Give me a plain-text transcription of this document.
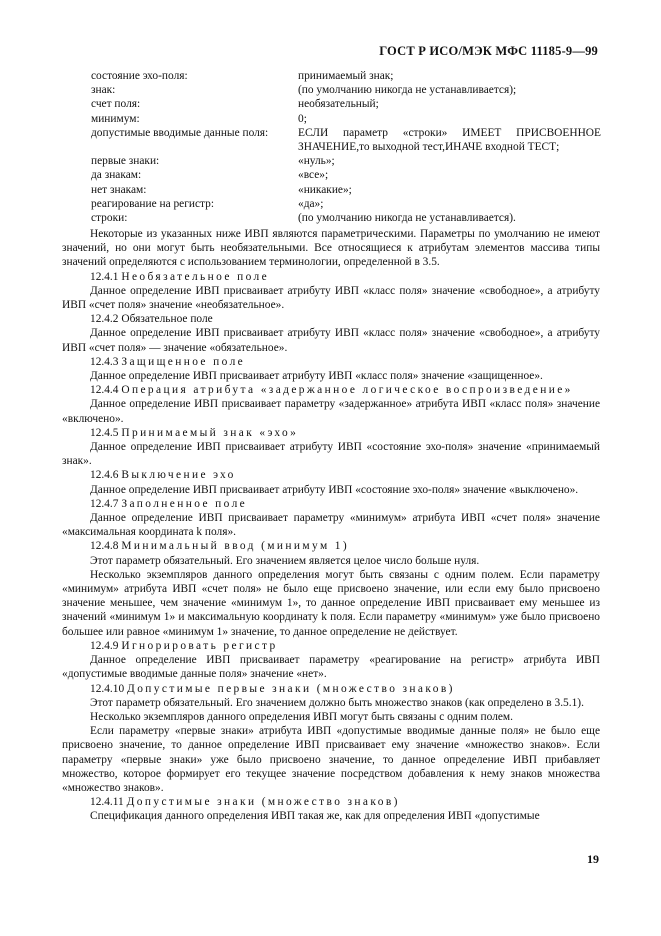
ГОСТ Р ИСО/МЭК МФС 11185-9—99
состояние эхо-поля:	принимаемый знак;
знак:	(по умолчанию никогда не устанавливается);
счет поля:	необязательный;
минимум:	0;
допустимые вводимые данные поля:	ЕСЛИ параметр «строки» ИМЕЕТ ПРИСВОЕННОЕ ЗНАЧЕНИЕ,то выходной тест,ИНАЧЕ входной ТЕСТ;
первые знаки:	«нуль»;
да знакам:	«все»;
нет знакам:	«никакие»;
реагирование на регистр:	«да»;
строки:	(по умолчанию никогда не устанавливается).

Некоторые из указанных ниже ИВП являются параметрическими. Параметры по умолчанию не имеют значений, но они могут быть необязательными. Все относящиеся к атрибутам элементов массива типы значений определяются с использованием терминологии, определенной в 3.5.

12.4.1 Необязательное поле

Данное определение ИВП присваивает атрибуту ИВП «класс поля» значение «свободное», а атрибуту ИВП «счет поля» значение «необязательное».

12.4.2 Обязательное поле

Данное определение ИВП присваивает атрибуту ИВП «класс поля» значение «свободное», а атрибуту ИВП «счет поля» — значение «обязательное».

12.4.3 Защищенное поле

Данное определение ИВП присваивает атрибуту ИВП «класс поля» значение «защищенное».

12.4.4 Операция атрибута «задержанное логическое воспроизведение»

Данное определение ИВП присваивает параметру «задержанное» атрибута ИВП «класс поля» значение «включено».

12.4.5 Принимаемый знак «эхо»

Данное определение ИВП присваивает атрибуту ИВП «состояние эхо-поля» значение «принимаемый знак».

12.4.6 Выключение эхо

Данное определение ИВП присваивает атрибуту ИВП «состояние эхо-поля» значение «выключено».

12.4.7 Заполненное поле

Данное определение ИВП присваивает параметру «минимум» атрибута ИВП «счет поля» значение «максимальная координата k поля».

12.4.8 Минимальный ввод (минимум 1)

Этот параметр обязательный. Его значением является целое число больше нуля.

Несколько экземпляров данного определения могут быть связаны с одним полем. Если параметру «минимум» атрибута ИВП «счет поля» не было еще присвоено значение, или если ему было присвоено значение меньшее, чем значение «минимум 1», то данное определение ИВП присваивает ему меньшее из значений «минимум 1» и максимальную координату k поля. Если параметру «минимум» уже было присвоено большее или равное «минимум 1» значение, то данное определение не действует.

12.4.9 Игнорировать регистр

Данное определение ИВП присваивает параметру «реагирование на регистр» атрибута ИВП «допустимые вводимые данные поля» значение «нет».

12.4.10 Допустимые первые знаки (множество знаков)

Этот параметр обязательный. Его значением должно быть множество знаков (как определено в 3.5.1).

Несколько экземпляров данного определения ИВП могут быть связаны с одним полем.

Если параметру «первые знаки» атрибута ИВП «допустимые вводимые данные поля» не было еще присвоено значение, то данное определение ИВП присваивает ему значение «множество знаков». Если параметру «первые знаки» уже было присвоено значение, то данное определение ИВП прибавляет множество, которое формирует его текущее значение посредством добавления к нему знаков множества «множество знаков».

12.4.11 Допустимые знаки (множество знаков)

Спецификация данного определения ИВП такая же, как для определения ИВП «допустимые

19
